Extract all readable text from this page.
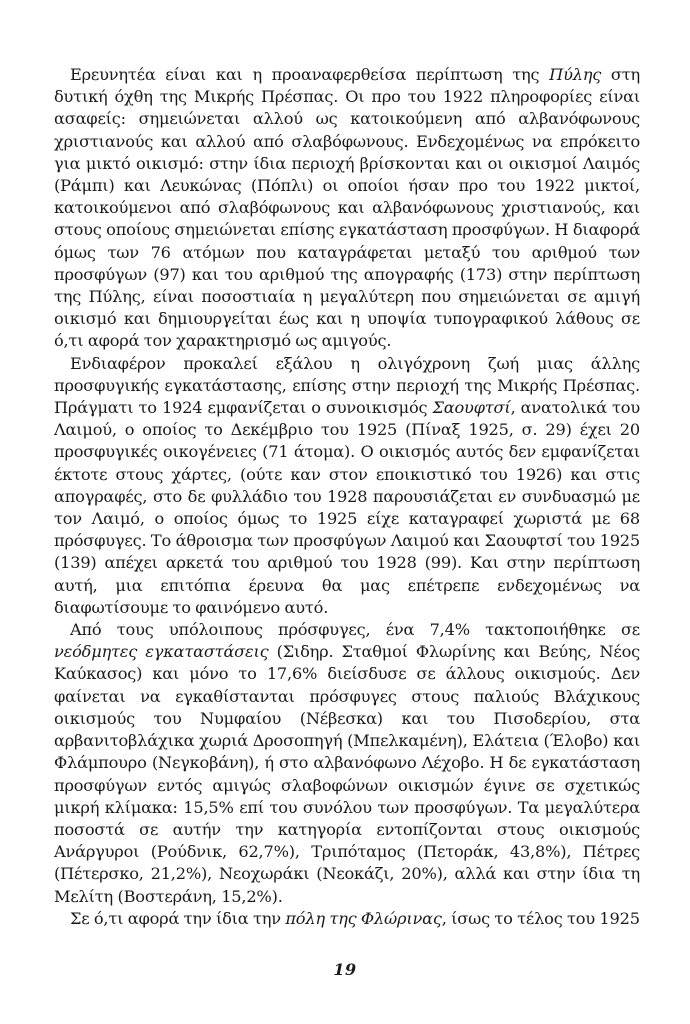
Ερευνητέα είναι και η προαναφερθείσα περίπτωση της Πύλης στη δυτική όχθη της Μικρής Πρέσπας. Οι προ του 1922 πληροφορίες είναι ασαφείς: σημειώνεται αλλού ως κατοικούμενη από αλβανόφωνους χριστιανούς και αλλού από σλαβόφωνους. Ενδεχομένως να επρόκειτο για μικτό οικισμό: στην ίδια περιοχή βρίσκονται και οι οικισμοί Λαιμός (Ράμπι) και Λευκώνας (Πόπλι) οι οποίοι ήσαν προ του 1922 μικτοί, κατοικούμενοι από σλαβόφωνους και αλβανόφωνους χριστιανούς, και στους οποίους σημειώνεται επίσης εγκατάσταση προσφύγων. Η διαφορά όμως των 76 ατόμων που καταγράφεται μεταξύ του αριθμού των προσφύγων (97) και του αριθμού της απογραφής (173) στην περίπτωση της Πύλης, είναι ποσοστιαία η μεγαλύτερη που σημειώνεται σε αμιγή οικισμό και δημιουργείται έως και η υποψία τυπογραφικού λάθους σε ό,τι αφορά τον χαρακτηρισμό ως αμιγούς.

Ενδιαφέρον προκαλεί εξάλου η ολιγόχρονη ζωή μιας άλλης προσφυγικής εγκατάστασης, επίσης στην περιοχή της Μικρής Πρέσπας. Πράγματι το 1924 εμφανίζεται ο συνοικισμός Σαουφτσί, ανατολικά του Λαιμού, ο οποίος το Δεκέμβριο του 1925 (Πίναξ 1925, σ. 29) έχει 20 προσφυγικές οικογένειες (71 άτομα). Ο οικισμός αυτός δεν εμφανίζεται έκτοτε στους χάρτες, (ούτε καν στον εποικιστικό του 1926) και στις απογραφές, στο δε φυλλάδιο του 1928 παρουσιάζεται εν συνδυασμώ με τον Λαιμό, ο οποίος όμως το 1925 είχε καταγραφεί χωριστά με 68 πρόσφυγες. Το άθροισμα των προσφύγων Λαιμού και Σαουφτσί του 1925 (139) απέχει αρκετά του αριθμού του 1928 (99). Και στην περίπτωση αυτή, μια επιτόπια έρευνα θα μας επέτρεπε ενδεχομένως να διαφωτίσουμε το φαινόμενο αυτό.

Από τους υπόλοιπους πρόσφυγες, ένα 7,4% τακτοποιήθηκε σε νεόδμητες εγκαταστάσεις (Σιδηρ. Σταθμοί Φλωρίνης και Βεύης, Νέος Καύκασος) και μόνο το 17,6% διείσδυσε σε άλλους οικισμούς. Δεν φαίνεται να εγκαθίστανται πρόσφυγες στους παλιούς Βλάχικους οικισμούς του Νυμφαίου (Νέβεσκα) και του Πισοδερίου, στα αρβανιτοβλάχικα χωριά Δροσοπηγή (Μπελκαμένη), Ελάτεια (Έλοβο) και Φλάμπουρο (Νεγκοβάνη), ή στο αλβανόφωνο Λέχοβο. Η δε εγκατάσταση προσφύγων εντός αμιγώς σλαβοφώνων οικισμών έγινε σε σχετικώς μικρή κλίμακα: 15,5% επί του συνόλου των προσφύγων. Τα μεγαλύτερα ποσοστά σε αυτήν την κατηγορία εντοπίζονται στους οικισμούς Ανάργυροι (Ρούδνικ, 62,7%), Τριπόταμος (Πετοράκ, 43,8%), Πέτρες (Πέτερσκο, 21,2%), Νεοχωράκι (Νεοκάζι, 20%), αλλά και στην ίδια τη Μελίτη (Βοστεράνη, 15,2%).

Σε ό,τι αφορά την ίδια την πόλη της Φλώρινας, ίσως το τέλος του 1925

19
